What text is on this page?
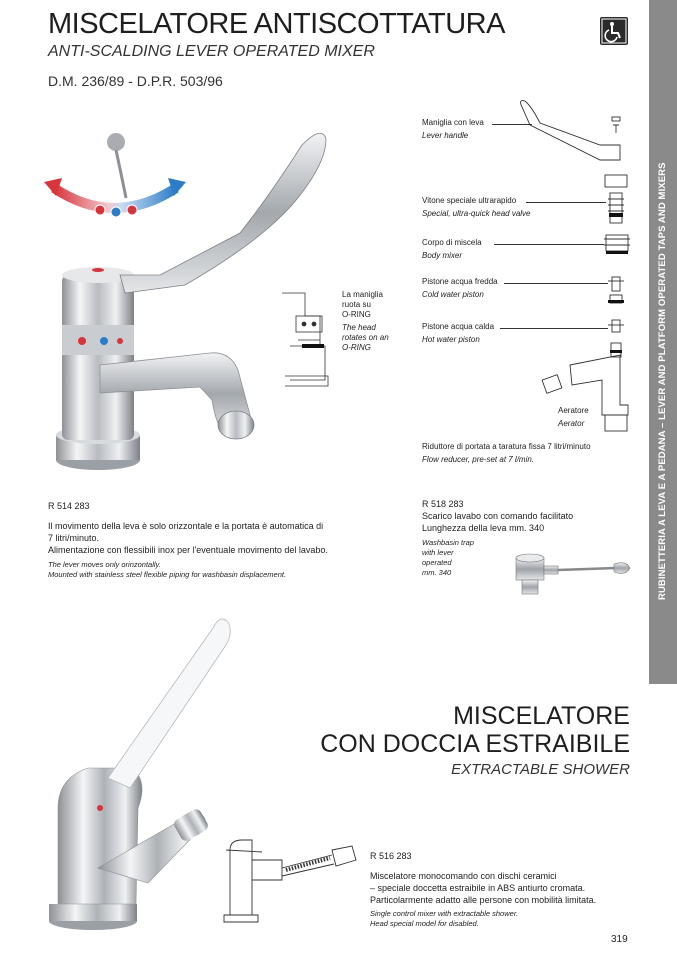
MISCELATORE ANTISCOTTATURA
ANTI-SCALDING LEVER OPERATED MIXER
D.M. 236/89 - D.P.R. 503/96
RUBINETTERIA A LEVA E A PEDANA – LEVER AND PLATFORM OPERATED TAPS AND MIXERS
La maniglia
ruota su
O-RING
The head
rotates on an
O-RING
Maniglia con leva
Lever handle
Vitone speciale ultrarapido
Special, ultra-quick head valve
Corpo di miscela
Body mixer
Pistone acqua fredda
Cold water piston
Pistone acqua calda
Hot water piston
Aeratore
Aerator
Riduttore di portata a taratura fissa 7 litri/minuto
Flow reducer, pre-set at 7 l/min.
R 514 283
Il movimento della leva è solo orizzontale e la portata è automatica di
7 litri/minuto.
Alimentazione con flessibili inox per l'eventuale movimento del lavabo.
The lever moves only orinzontally.
Mounted with stainless steel flexible piping for washbasin displacement.
R 518 283
Scarico lavabo con comando facilitato
Lunghezza della leva mm. 340
Washbasin trap
with lever
operated
mm. 340
MISCELATORE
CON DOCCIA ESTRAIBILE
EXTRACTABLE SHOWER
R 516 283
Miscelatore monocomando con dischi ceramici
– speciale doccetta estraibile in ABS antiurto cromata.
Particolarmente adatto alle persone con mobilità limitata.
Single control mixer with extractable shower.
Head special model for disabled.
319
